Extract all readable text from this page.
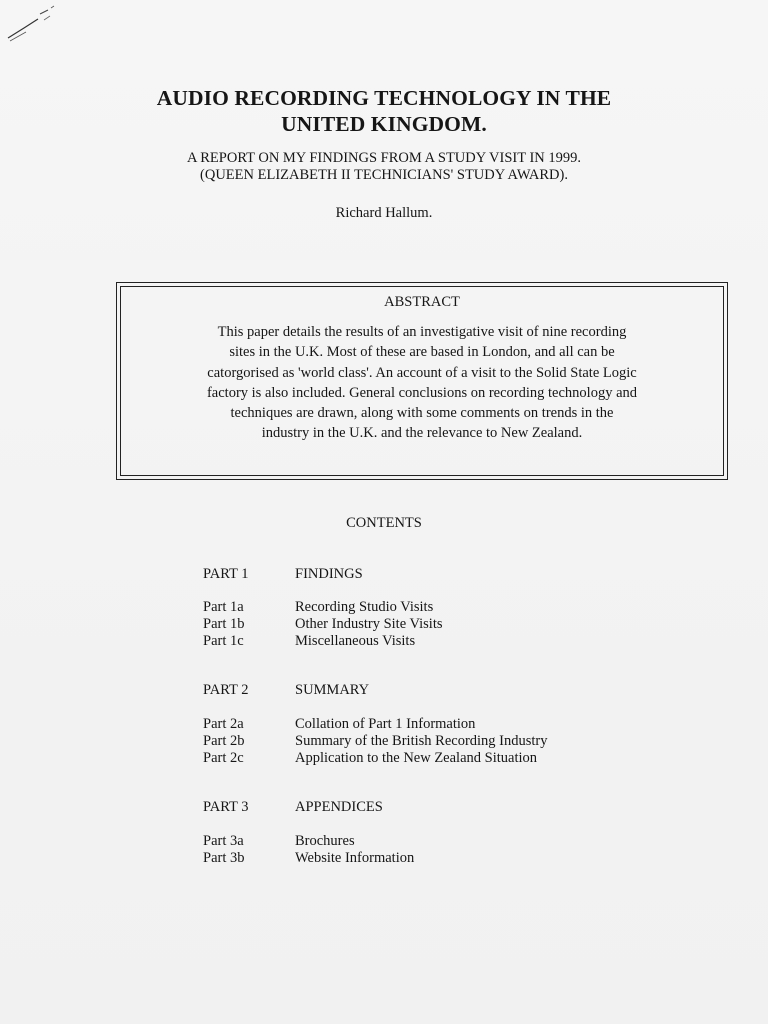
AUDIO RECORDING TECHNOLOGY IN THE
UNITED KINGDOM.
A REPORT ON MY FINDINGS FROM A STUDY VISIT IN 1999.
(QUEEN ELIZABETH II TECHNICIANS' STUDY AWARD).
Richard Hallum.
ABSTRACT
This paper details the results of an investigative visit of nine recording
sites in the U.K. Most of these are based in London, and all can be
catorgorised as 'world class'. An account of a visit to the Solid State Logic
factory is also included. General conclusions on recording technology and
techniques are drawn, along with some comments on trends in the
industry in the U.K. and the relevance to New Zealand.
CONTENTS
PART 1	FINDINGS
Part 1a	Recording Studio Visits
Part 1b	Other Industry Site Visits
Part 1c	Miscellaneous Visits
PART 2	SUMMARY
Part 2a	Collation of Part 1 Information
Part 2b	Summary of the British Recording Industry
Part 2c	Application to the New Zealand Situation
PART 3	APPENDICES
Part 3a	Brochures
Part 3b	Website Information
